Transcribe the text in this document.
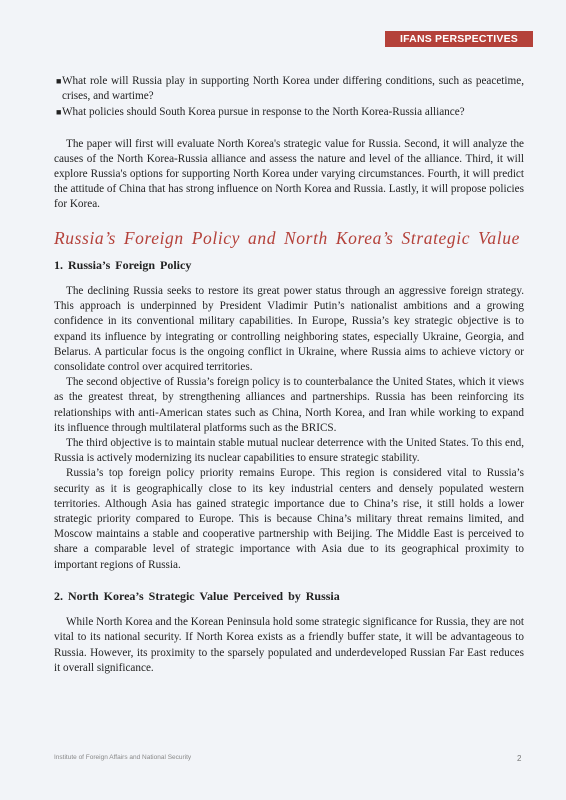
IFANS PERSPECTIVES
■ What role will Russia play in supporting North Korea under differing conditions, such as peacetime, crises, and wartime?
■ What policies should South Korea pursue in response to the North Korea-Russia alliance?

The paper will first will evaluate North Korea's strategic value for Russia. Second, it will analyze the causes of the North Korea-Russia alliance and assess the nature and level of the alliance. Third, it will explore Russia's options for supporting North Korea under varying circumstances. Fourth, it will predict the attitude of China that has strong influence on North Korea and Russia. Lastly, it will propose policies for Korea.

Russia’s Foreign Policy and North Korea’s Strategic Value
1. Russia’s Foreign Policy

The declining Russia seeks to restore its great power status through an aggressive foreign strategy. This approach is underpinned by President Vladimir Putin’s nationalist ambitions and a growing confidence in its conventional military capabilities. In Europe, Russia’s key strategic objective is to expand its influence by integrating or controlling neighboring states, especially Ukraine, Georgia, and Belarus. A particular focus is the ongoing conflict in Ukraine, where Russia aims to achieve victory or consolidate control over acquired territories.

The second objective of Russia’s foreign policy is to counterbalance the United States, which it views as the greatest threat, by strengthening alliances and partnerships. Russia has been reinforcing its relationships with anti-American states such as China, North Korea, and Iran while working to expand its influence through multilateral platforms such as the BRICS.

The third objective is to maintain stable mutual nuclear deterrence with the United States. To this end, Russia is actively modernizing its nuclear capabilities to ensure strategic stability.

Russia’s top foreign policy priority remains Europe. This region is considered vital to Russia’s security as it is geographically close to its key industrial centers and densely populated western territories. Although Asia has gained strategic importance due to China’s rise, it still holds a lower strategic priority compared to Europe. This is because China’s military threat remains limited, and Moscow maintains a stable and cooperative partnership with Beijing. The Middle East is perceived to share a comparable level of strategic importance with Asia due to its geographical proximity to important regions of Russia.

2. North Korea’s Strategic Value Perceived by Russia

While North Korea and the Korean Peninsula hold some strategic significance for Russia, they are not vital to its national security. If North Korea exists as a friendly buffer state, it will be advantageous to Russia. However, its proximity to the sparsely populated and underdeveloped Russian Far East reduces it overall significance.

Institute of Foreign Affairs and National Security	2
